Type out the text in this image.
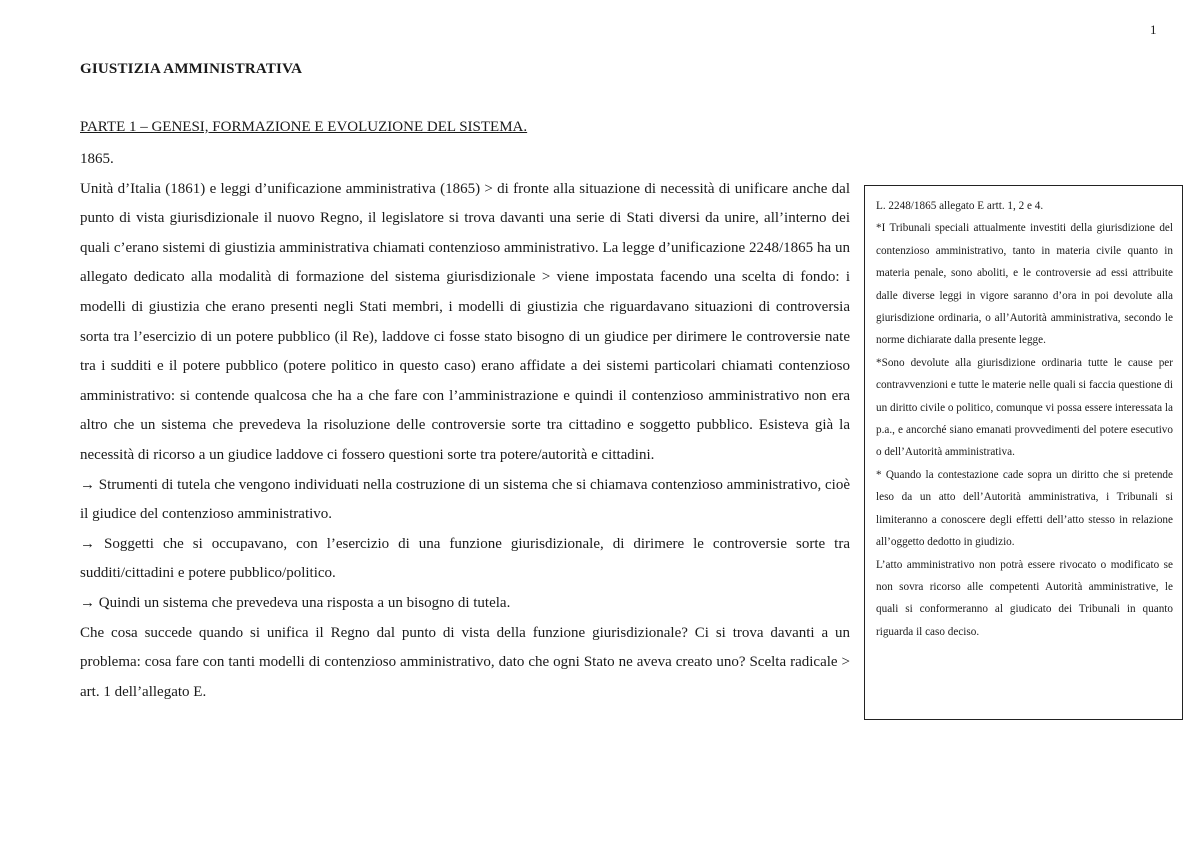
1
GIUSTIZIA AMMINISTRATIVA
PARTE 1 – GENESI, FORMAZIONE E EVOLUZIONE DEL SISTEMA.

1865.

Unità d’Italia (1861) e leggi d’unificazione amministrativa (1865) > di fronte alla situazione di necessità di unificare anche dal punto di vista giurisdizionale il nuovo Regno, il legislatore si trova davanti una serie di Stati diversi da unire, all’interno dei quali c’erano sistemi di giustizia amministrativa chiamati contenzioso amministrativo. La legge d’unificazione 2248/1865 ha un allegato dedicato alla modalità di formazione del sistema giurisdizionale > viene impostata facendo una scelta di fondo: i modelli di giustizia che erano presenti negli Stati membri, i modelli di giustizia che riguardavano situazioni di controversia sorta tra l’esercizio di un potere pubblico (il Re), laddove ci fosse stato bisogno di un giudice per dirimere le controversie nate tra i sudditi e il potere pubblico (potere politico in questo caso) erano affidate a dei sistemi particolari chiamati contenzioso amministrativo: si contende qualcosa che ha a che fare con l’amministrazione e quindi il contenzioso amministrativo non era altro che un sistema che prevedeva la risoluzione delle controversie sorte tra cittadino e soggetto pubblico. Esisteva già la necessità di ricorso a un giudice laddove ci fossero questioni sorte tra potere/autorità e cittadini.

→ Strumenti di tutela che vengono individuati nella costruzione di un sistema che si chiamava contenzioso amministrativo, cioè il giudice del contenzioso amministrativo.

→ Soggetti che si occupavano, con l’esercizio di una funzione giurisdizionale, di dirimere le controversie sorte tra sudditi/cittadini e potere pubblico/politico.

→ Quindi un sistema che prevedeva una risposta a un bisogno di tutela.

Che cosa succede quando si unifica il Regno dal punto di vista della funzione giurisdizionale? Ci si trova davanti a un problema: cosa fare con tanti modelli di contenzioso amministrativo, dato che ogni Stato ne aveva creato uno? Scelta radicale > art. 1 dell’allegato E.

L. 2248/1865 allegato E artt. 1, 2 e 4.

*I Tribunali speciali attualmente investiti della giurisdizione del contenzioso amministrativo, tanto in materia civile quanto in materia penale, sono aboliti, e le controversie ad essi attribuite dalle diverse leggi in vigore saranno d’ora in poi devolute alla giurisdizione ordinaria, o all’Autorità amministrativa, secondo le norme dichiarate dalla presente legge.

*Sono devolute alla giurisdizione ordinaria tutte le cause per contravvenzioni e tutte le materie nelle quali si faccia questione di un diritto civile o politico, comunque vi possa essere interessata la p.a., e ancorché siano emanati provvedimenti del potere esecutivo o dell’Autorità amministrativa.

* Quando la contestazione cade sopra un diritto che si pretende leso da un atto dell’Autorità amministrativa, i Tribunali si limiteranno a conoscere degli effetti dell’atto stesso in relazione all’oggetto dedotto in giudizio.

L’atto amministrativo non potrà essere rivocato o modificato se non sovra ricorso alle competenti Autorità amministrative, le quali si conformeranno al giudicato dei Tribunali in quanto riguarda il caso deciso.
